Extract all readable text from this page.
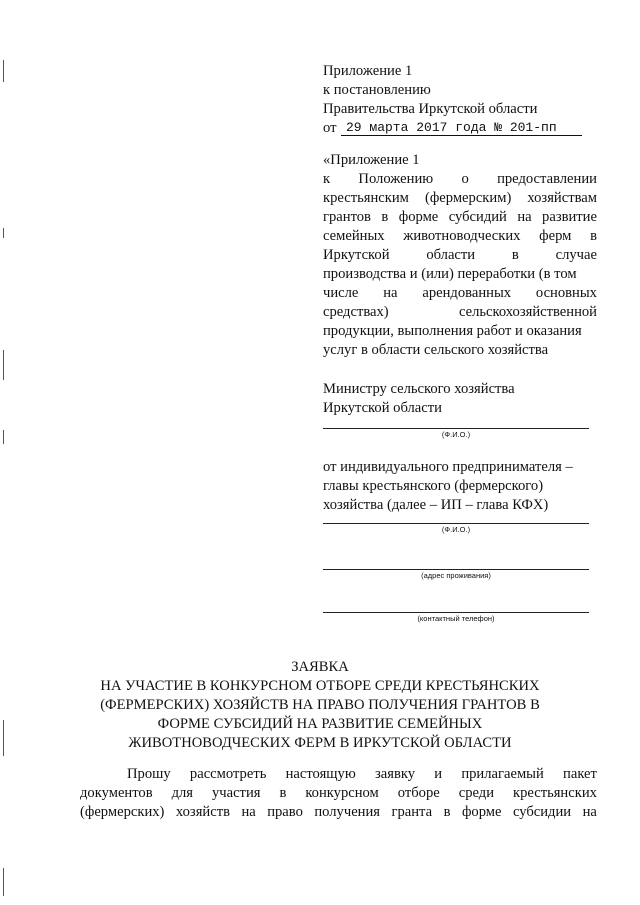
Приложение 1
к постановлению
Правительства Иркутской области
от 29 марта 2017 года № 201-пп
«Приложение 1
к Положению о предоставлении
крестьянским (фермерским) хозяйствам
грантов в форме субсидий на развитие
семейных животноводческих ферм в
Иркутской	области	в	случае
производства и (или) переработки (в том
числе на арендованных основных
средствах)	сельскохозяйственной
продукции, выполнения работ и оказания
услуг в области сельского хозяйства
Министру сельского хозяйства
Иркутской области
(Ф.И.О.)
от индивидуального предпринимателя –
главы крестьянского (фермерского)
хозяйства (далее – ИП – глава КФХ)
(Ф.И.О.)
(адрес проживания)
(контактный телефон)
ЗАЯВКА
НА УЧАСТИЕ В КОНКУРСНОМ ОТБОРЕ СРЕДИ КРЕСТЬЯНСКИХ
(ФЕРМЕРСКИХ) ХОЗЯЙСТВ НА ПРАВО ПОЛУЧЕНИЯ ГРАНТОВ В
ФОРМЕ СУБСИДИЙ НА РАЗВИТИЕ СЕМЕЙНЫХ
ЖИВОТНОВОДЧЕСКИХ ФЕРМ В ИРКУТСКОЙ ОБЛАСТИ
Прошу рассмотреть настоящую заявку и прилагаемый пакет
документов для участия в конкурсном отборе среди крестьянских
(фермерских) хозяйств на право получения гранта в форме субсидии на
